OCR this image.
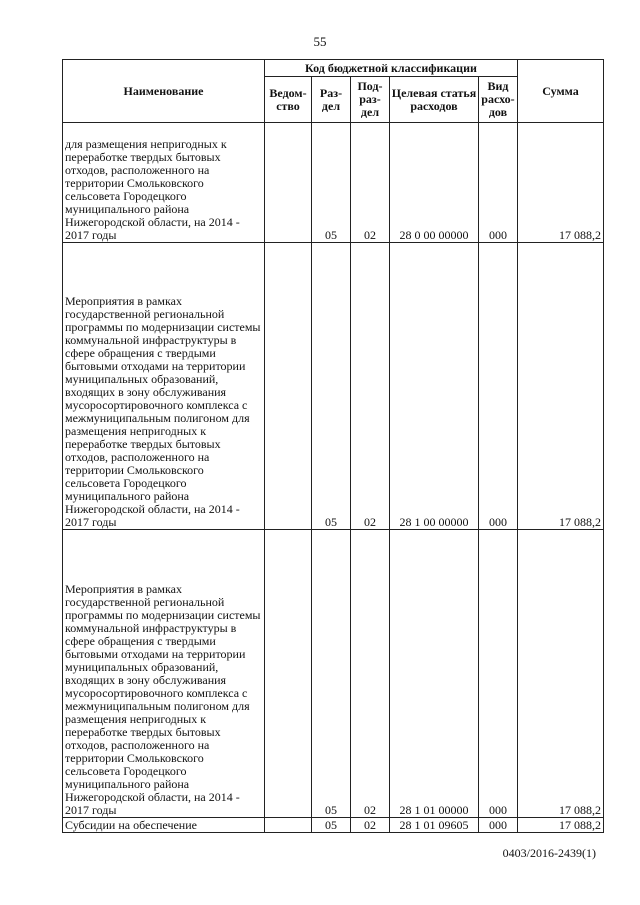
55
Наименование	Код бюджетной классификации					Сумма
	Ведом-ство	Раз-дел	Под-раз-дел	Целевая статья расходов	Вид расхо-дов	
для размещения непригодных к переработке твердых бытовых отходов, расположенного на территории Смольковского сельсовета Городецкого муниципального района Нижегородской области, на 2014 - 2017 годы		05	02	28 0 00 00000	000	17 088,2
Мероприятия в рамках государственной региональной программы по модернизации системы коммунальной инфраструктуры в сфере обращения с твердыми бытовыми отходами на территории муниципальных образований, входящих в зону обслуживания мусоросортировочного комплекса с межмуниципальным полигоном для размещения непригодных к переработке твердых бытовых отходов, расположенного на территории Смольковского сельсовета Городецкого муниципального района Нижегородской области, на 2014 - 2017 годы		05	02	28 1 00 00000	000	17 088,2
Мероприятия в рамках государственной региональной программы по модернизации системы коммунальной инфраструктуры в сфере обращения с твердыми бытовыми отходами на территории муниципальных образований, входящих в зону обслуживания мусоросортировочного комплекса с межмуниципальным полигоном для размещения непригодных к переработке твердых бытовых отходов, расположенного на территории Смольковского сельсовета Городецкого муниципального района Нижегородской области, на 2014 - 2017 годы		05	02	28 1 01 00000	000	17 088,2
Субсидии на обеспечение		05	02	28 1 01 09605	000	17 088,2
0403/2016-2439(1)
